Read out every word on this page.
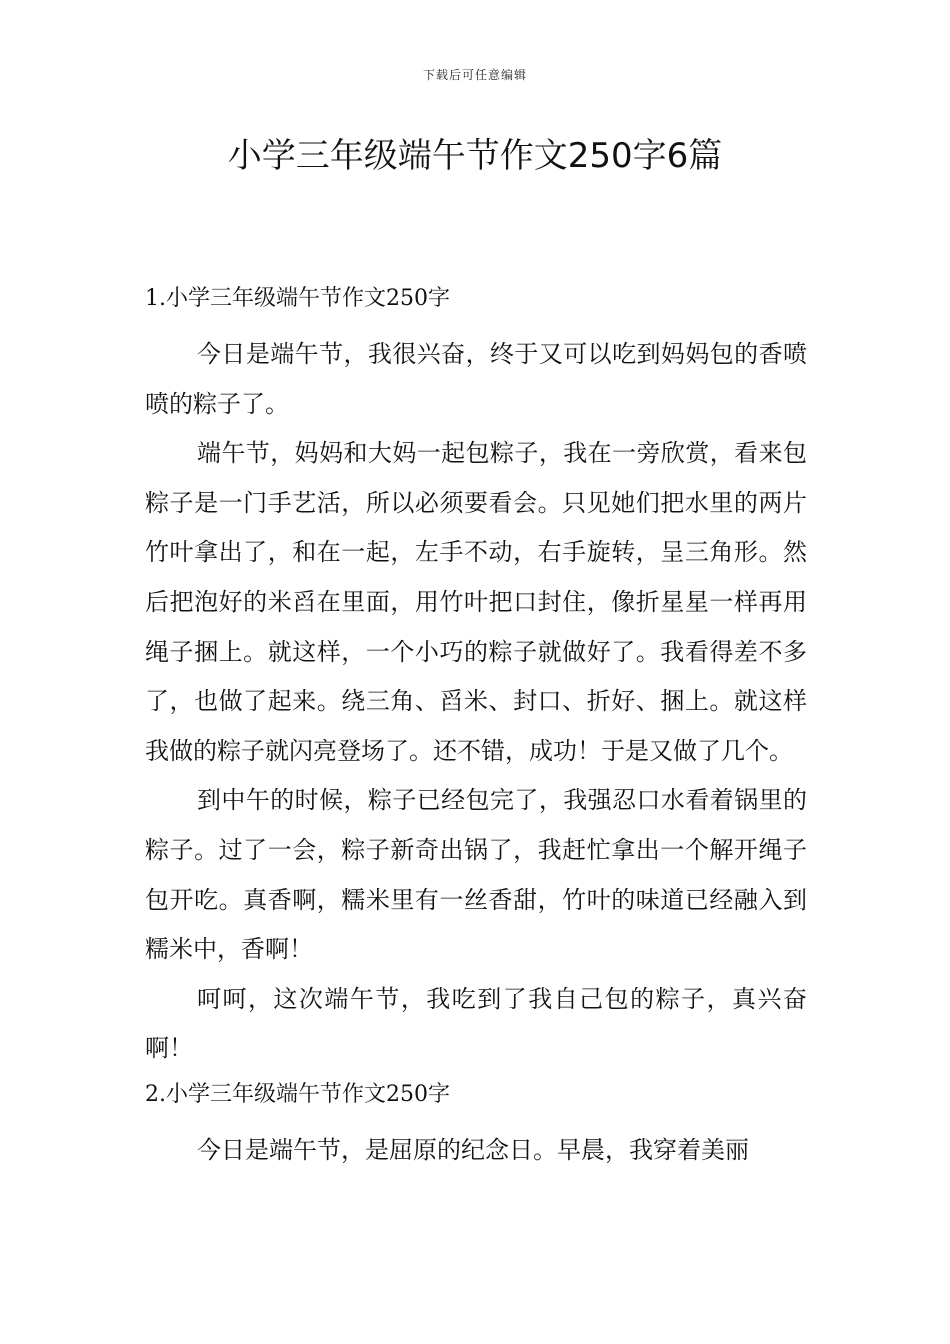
下载后可任意编辑
小学三年级端午节作文250字6篇
1.小学三年级端午节作文250字

今日是端午节，我很兴奋，终于又可以吃到妈妈包的香喷喷的粽子了。

端午节，妈妈和大妈一起包粽子，我在一旁欣赏，看来包粽子是一门手艺活，所以必须要看会。只见她们把水里的两片竹叶拿出了，和在一起，左手不动，右手旋转，呈三角形。然后把泡好的米舀在里面，用竹叶把口封住，像折星星一样再用绳子捆上。就这样，一个小巧的粽子就做好了。我看得差不多了，也做了起来。绕三角、舀米、封口、折好、捆上。就这样我做的粽子就闪亮登场了。还不错，成功！于是又做了几个。

到中午的时候，粽子已经包完了，我强忍口水看着锅里的粽子。过了一会，粽子新奇出锅了，我赶忙拿出一个解开绳子包开吃。真香啊，糯米里有一丝香甜，竹叶的味道已经融入到糯米中，香啊！

呵呵，这次端午节，我吃到了我自己包的粽子，真兴奋啊！

2.小学三年级端午节作文250字

今日是端午节，是屈原的纪念日。早晨，我穿着美丽
